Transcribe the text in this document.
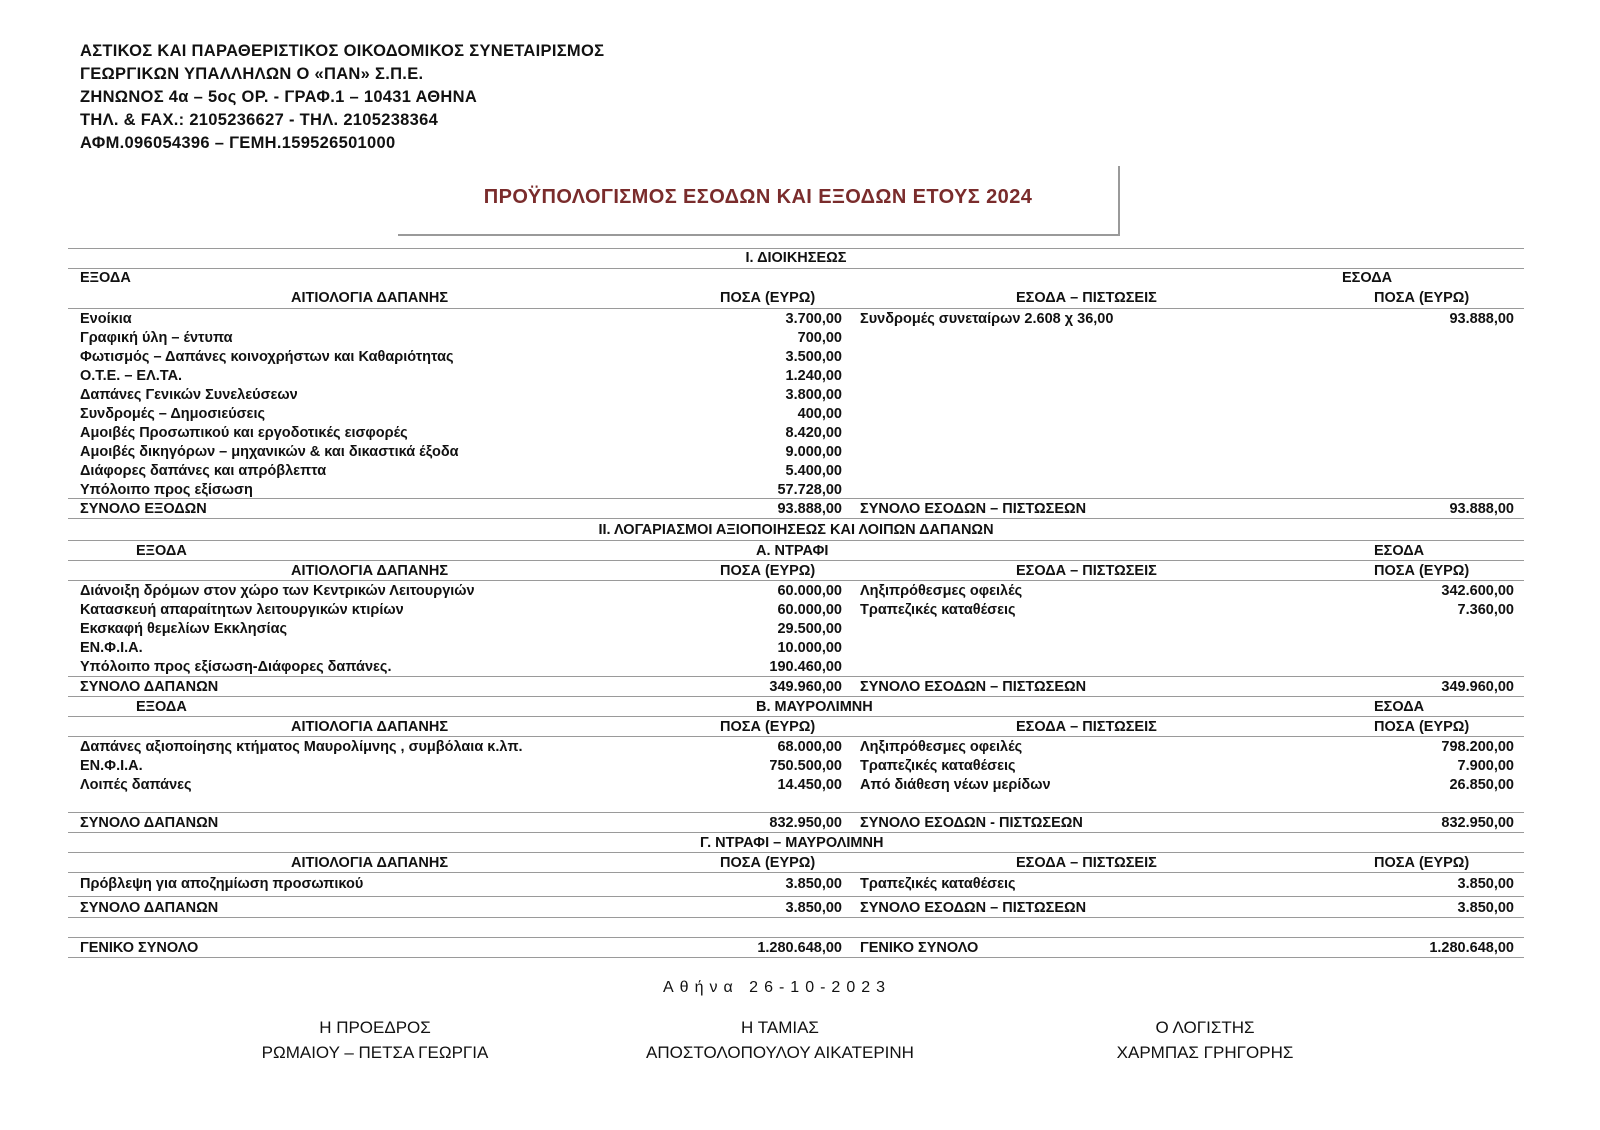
ΑΣΤΙΚΟΣ ΚΑΙ ΠΑΡΑΘΕΡΙΣΤΙΚΟΣ ΟΙΚΟΔΟΜΙΚΟΣ ΣΥΝΕΤΑΙΡΙΣΜΟΣ
ΓΕΩΡΓΙΚΩΝ ΥΠΑΛΛΗΛΩΝ Ο «ΠΑΝ» Σ.Π.Ε.
ΖΗΝΩΝΟΣ 4α – 5ος ΟΡ. - ΓΡΑΦ.1 – 10431 ΑΘΗΝΑ
ΤΗΛ. & FAX.: 2105236627 - ΤΗΛ. 2105238364
ΑΦΜ.096054396 – ΓΕΜΗ.159526501000
ΠΡΟΫΠΟΛΟΓΙΣΜΟΣ ΕΣΟΔΩΝ ΚΑΙ ΕΞΟΔΩΝ ΕΤΟΥΣ 2024
Ι. ΔΙΟΙΚΗΣΕΩΣ
ΕΞΟΔΑ	ΕΣΟΔΑ
ΑΙΤΙΟΛΟΓΙΑ ΔΑΠΑΝΗΣ	ΠΟΣΑ (ΕΥΡΩ)	ΕΣΟΔΑ – ΠΙΣΤΩΣΕΙΣ	ΠΟΣΑ (ΕΥΡΩ)
Ενοίκια	3.700,00 Συνδρομές συνεταίρων 2.608 χ 36,00	93.888,00
Γραφική ύλη – έντυπα	700,00
Φωτισμός – Δαπάνες κοινοχρήστων και Καθαριότητας	3.500,00
Ο.Τ.Ε. – ΕΛ.ΤΑ.	1.240,00
Δαπάνες Γενικών Συνελεύσεων	3.800,00
Συνδρομές – Δημοσιεύσεις	400,00
Αμοιβές Προσωπικού και εργοδοτικές εισφορές	8.420,00
Αμοιβές δικηγόρων – μηχανικών & και δικαστικά έξοδα	9.000,00
Διάφορες δαπάνες και απρόβλεπτα	5.400,00
Υπόλοιπο προς εξίσωση	57.728,00
ΣΥΝΟΛΟ ΕΞΟΔΩΝ	93.888,00 ΣΥΝΟΛΟ ΕΣΟΔΩΝ – ΠΙΣΤΩΣΕΩΝ	93.888,00
ΙΙ. ΛΟΓΑΡΙΑΣΜΟΙ ΑΞΙΟΠΟΙΗΣΕΩΣ ΚΑΙ ΛΟΙΠΩΝ ΔΑΠΑΝΩΝ
ΕΞΟΔΑ	Α. ΝΤΡΑΦΙ	ΕΣΟΔΑ
ΑΙΤΙΟΛΟΓΙΑ ΔΑΠΑΝΗΣ	ΠΟΣΑ (ΕΥΡΩ)	ΕΣΟΔΑ – ΠΙΣΤΩΣΕΙΣ	ΠΟΣΑ (ΕΥΡΩ)
Διάνοιξη δρόμων στον χώρο των Κεντρικών Λειτουργιών	60.000,00 Ληξιπρόθεσμες οφειλές	342.600,00
Κατασκευή απαραίτητων λειτουργικών κτιρίων	60.000,00 Τραπεζικές καταθέσεις	7.360,00
Εκσκαφή θεμελίων Εκκλησίας	29.500,00
ΕΝ.Φ.Ι.Α.	10.000,00
Υπόλοιπο προς εξίσωση-Διάφορες δαπάνες.	190.460,00
ΣΥΝΟΛΟ ΔΑΠΑΝΩΝ	349.960,00 ΣΥΝΟΛΟ ΕΣΟΔΩΝ – ΠΙΣΤΩΣΕΩΝ	349.960,00
ΕΞΟΔΑ	Β. ΜΑΥΡΟΛΙΜΝΗ	ΕΣΟΔΑ
ΑΙΤΙΟΛΟΓΙΑ ΔΑΠΑΝΗΣ	ΠΟΣΑ (ΕΥΡΩ)	ΕΣΟΔΑ – ΠΙΣΤΩΣΕΙΣ	ΠΟΣΑ (ΕΥΡΩ)
Δαπάνες αξιοποίησης κτήματος Μαυρολίμνης , συμβόλαια κ.λπ.	68.000,00 Ληξιπρόθεσμες οφειλές	798.200,00
ΕΝ.Φ.Ι.Α.	750.500,00 Τραπεζικές καταθέσεις	7.900,00
Λοιπές δαπάνες	14.450,00 Από διάθεση νέων μερίδων	26.850,00
ΣΥΝΟΛΟ ΔΑΠΑΝΩΝ	832.950,00 ΣΥΝΟΛΟ ΕΣΟΔΩΝ - ΠΙΣΤΩΣΕΩΝ	832.950,00
Γ. ΝΤΡΑΦΙ – ΜΑΥΡΟΛΙΜΝΗ
ΑΙΤΙΟΛΟΓΙΑ ΔΑΠΑΝΗΣ	ΠΟΣΑ (ΕΥΡΩ)	ΕΣΟΔΑ – ΠΙΣΤΩΣΕΙΣ	ΠΟΣΑ (ΕΥΡΩ)
Πρόβλεψη για αποζημίωση προσωπικού	3.850,00 Τραπεζικές καταθέσεις	3.850,00
ΣΥΝΟΛΟ ΔΑΠΑΝΩΝ	3.850,00 ΣΥΝΟΛΟ ΕΣΟΔΩΝ – ΠΙΣΤΩΣΕΩΝ	3.850,00
ΓΕΝΙΚΟ ΣΥΝΟΛΟ	1.280.648,00 ΓΕΝΙΚΟ ΣΥΝΟΛΟ	1.280.648,00
Αθήνα 26-10-2023
Η ΠΡΟΕΔΡΟΣ
ΡΩΜΑΙΟΥ – ΠΕΤΣΑ ΓΕΩΡΓΙΑ
Η ΤΑΜΙΑΣ
ΑΠΟΣΤΟΛΟΠΟΥΛΟΥ ΑΙΚΑΤΕΡΙΝΗ
Ο ΛΟΓΙΣΤΗΣ
ΧΑΡΜΠΑΣ ΓΡΗΓΟΡΗΣ
